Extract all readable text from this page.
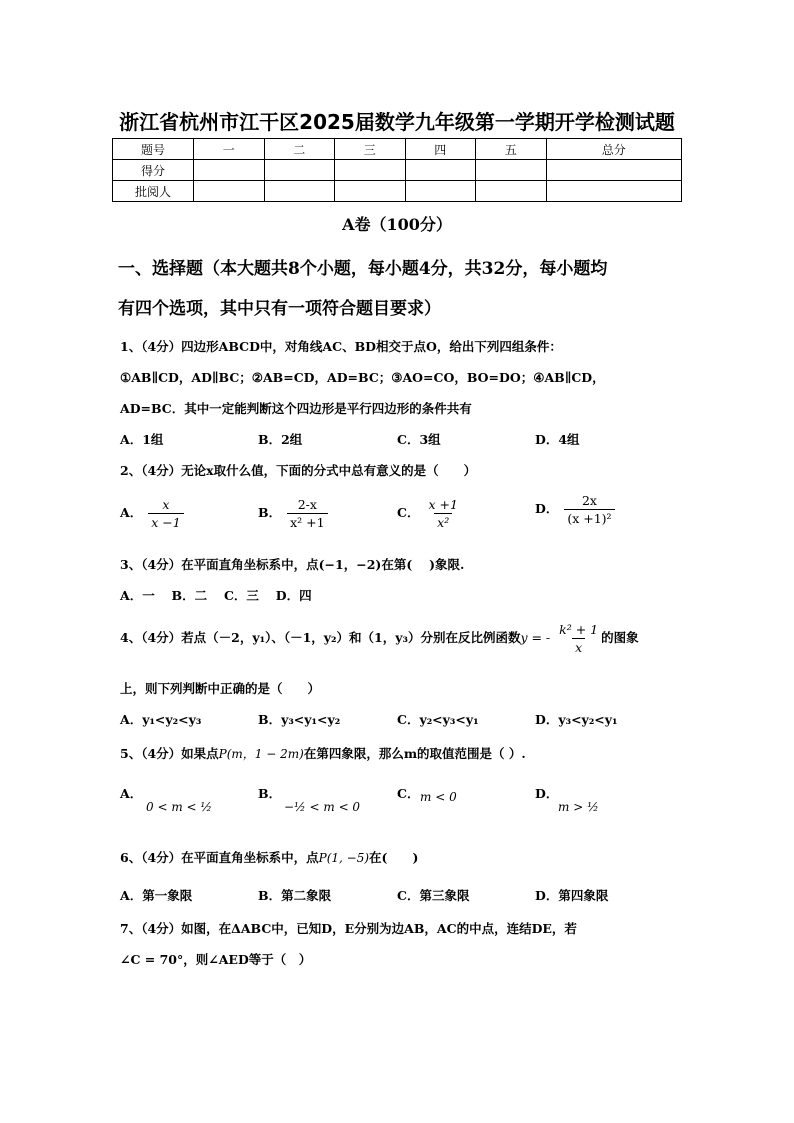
浙江省杭州市江干区2025届数学九年级第一学期开学检测试题
题号	一	二	三	四	五	总分
得分						
批阅人						
A卷（100分）
一、选择题（本大题共8个小题，每小题4分，共32分，每小题均
有四个选项，其中只有一项符合题目要求）
1、（4分）四边形ABCD中，对角线AC、BD相交于点O，给出下列四组条件：
①AB∥CD，AD∥BC；②AB=CD，AD=BC；③AO=CO，BO=DO；④AB∥CD，
AD=BC．其中一定能判断这个四边形是平行四边形的条件共有
A．1组	B．2组	C．3组	D．4组
2、（4分）无论x取什么值，下面的分式中总有意义的是（　　）
A． $\frac{x}{x -1}$	B． $\frac{2-x}{\text{x² +1}}$	C． $\frac{x +1}{\text{x²}}$	D． $\frac{2x}{\text{(x +1)²}}$
3、（4分）在平面直角坐标系中，点(−1，−2)在第(　 )象限.
A．一　 B．二　 C．三　 D．四
4、（4分）若点（－2，y₁）、（－1，y₂）和（1，y₃）分别在反比例函数y = - $\frac{\text{k² + 1}}{x}$ 的图象
上，则下列判断中正确的是（　　）
A．y₁<y₂<y₃	B．y₃<y₁<y₂	C．y₂<y₃<y₁	D．y₃<y₂<y₁
5、（4分）如果点P(m，1 − 2m)在第四象限，那么m的取值范围是（ ）.
A．
0 < m < ½
B．
−½ < m < 0
C． m < 0	D．
m > ½
6、（4分）在平面直角坐标系中，点P(1, −5)在(　　)
A．第一象限	B．第二象限	C．第三象限	D．第四象限
7、（4分）如图，在ΔABC中，已知D，E分别为边AB，AC的中点，连结DE，若
∠C = 70°，则∠AED等于（　）
